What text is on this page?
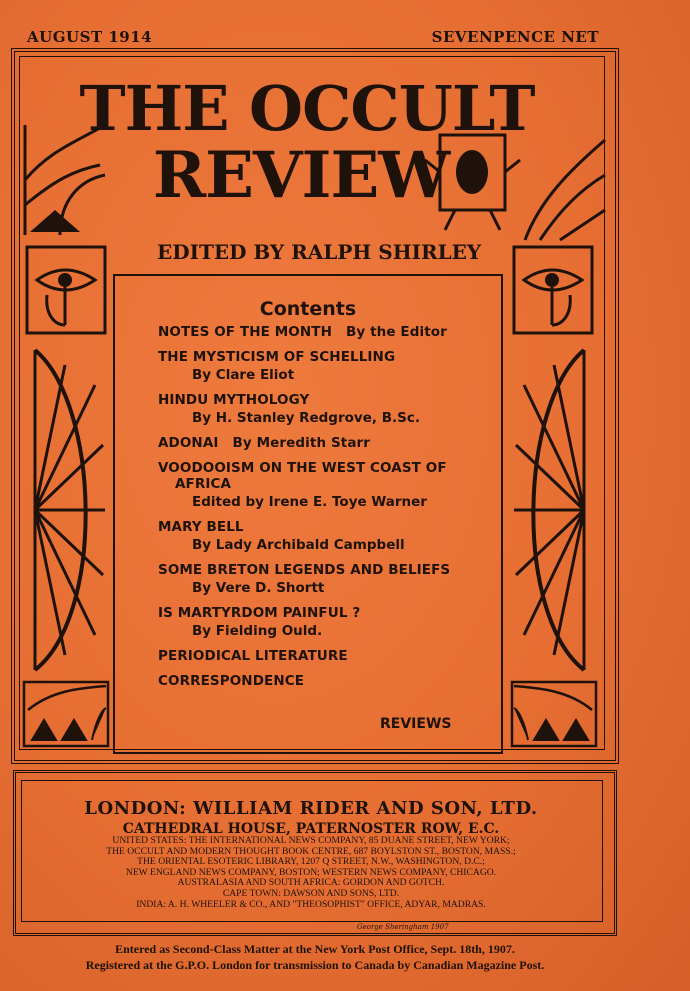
AUGUST 1914	SEVENPENCE NET
THE OCCULT
REVIEW
EDITED BY RALPH SHIRLEY
Contents
NOTES OF THE MONTH By the Editor
THE MYSTICISM OF SCHELLING
By Clare Eliot
HINDU MYTHOLOGY
By H. Stanley Redgrove, B.Sc.
ADONAI By Meredith Starr
VOODOOISM ON THE WEST COAST OF
AFRICA
Edited by Irene E. Toye Warner
MARY BELL
By Lady Archibald Campbell
SOME BRETON LEGENDS AND BELIEFS
By Vere D. Shortt
IS MARTYRDOM PAINFUL ?
By Fielding Ould.
PERIODICAL LITERATURE
CORRESPONDENCE
REVIEWS
LONDON: WILLIAM RIDER AND SON, LTD.
CATHEDRAL HOUSE, PATERNOSTER ROW, E.C.
UNITED STATES: THE INTERNATIONAL NEWS COMPANY, 85 DUANE STREET, NEW YORK;
THE OCCULT AND MODERN THOUGHT BOOK CENTRE, 687 BOYLSTON ST., BOSTON, MASS.;
THE ORIENTAL ESOTERIC LIBRARY, 1207 Q STREET, N.W., WASHINGTON, D.C.;
NEW ENGLAND NEWS COMPANY, BOSTON; WESTERN NEWS COMPANY, CHICAGO.
AUSTRALASIA AND SOUTH AFRICA: GORDON AND GOTCH.
CAPE TOWN: DAWSON AND SONS, LTD.
INDIA: A. H. WHEELER & CO., AND "THEOSOPHIST" OFFICE, ADYAR, MADRAS.
George Sheringham 1907
Entered as Second-Class Matter at the New York Post Office, Sept. 18th, 1907.
Registered at the G.P.O. London for transmission to Canada by Canadian Magazine Post.
